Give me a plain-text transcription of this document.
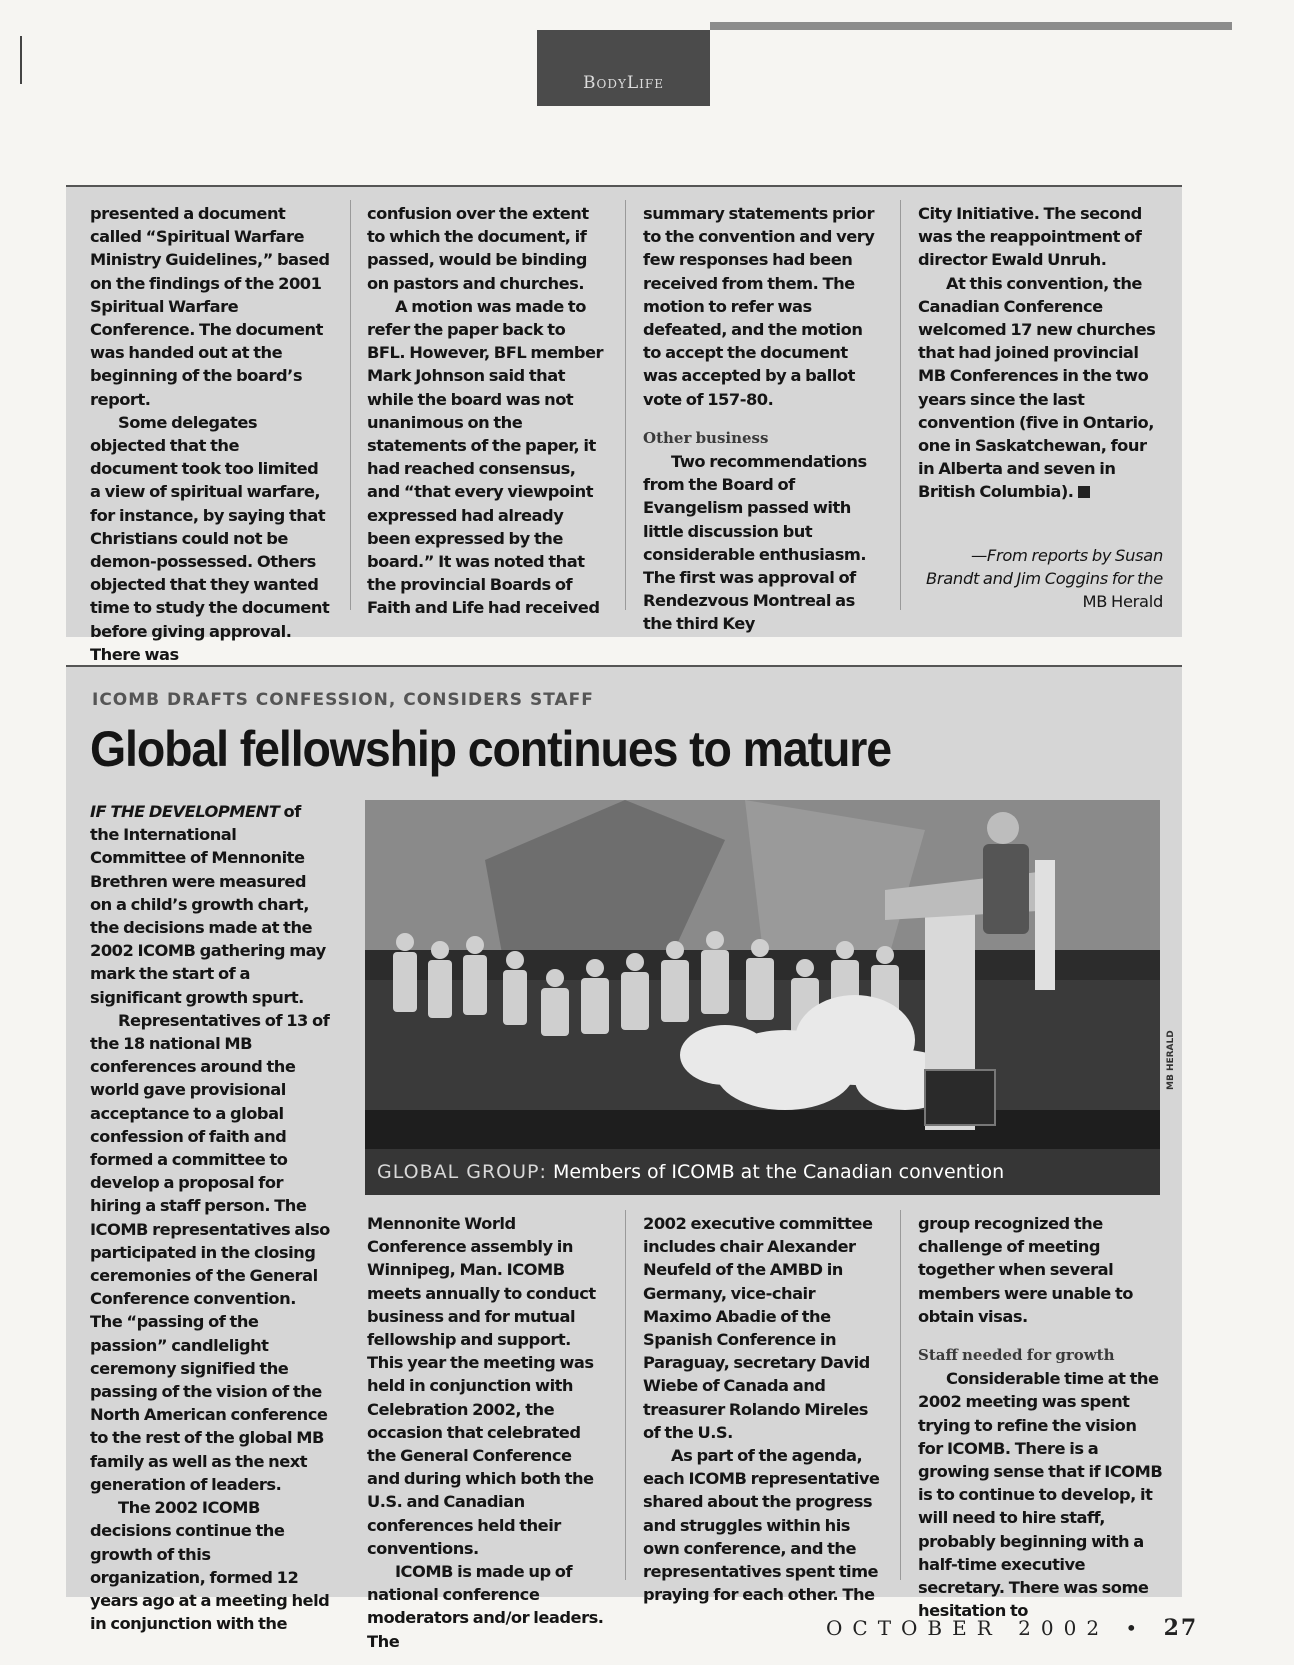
BodyLife

presented a document called “Spiritual Warfare Ministry Guidelines,” based on the findings of the 2001 Spiritual Warfare Conference. The document was handed out at the beginning of the board’s report.

Some delegates objected that the document took too limited a view of spiritual warfare, for instance, by saying that Christians could not be demon-possessed. Others objected that they wanted time to study the document before giving approval. There was

confusion over the extent to which the document, if passed, would be binding on pastors and churches.

A motion was made to refer the paper back to BFL. However, BFL member Mark Johnson said that while the board was not unanimous on the statements of the paper, it had reached consensus, and “that every viewpoint expressed had already been expressed by the board.” It was noted that the provincial Boards of Faith and Life had received

summary statements prior to the convention and very few responses had been received from them. The motion to refer was defeated, and the motion to accept the document was accepted by a ballot vote of 157-80.

Other business

Two recommendations from the Board of Evangelism passed with little discussion but considerable enthusiasm. The first was approval of Rendezvous Montreal as the third Key

City Initiative. The second was the reappointment of director Ewald Unruh.

At this convention, the Canadian Conference welcomed 17 new churches that had joined provincial MB Conferences in the two years since the last convention (five in Ontario, one in Saskatchewan, four in Alberta and seven in British Columbia).

—From reports by Susan Brandt and Jim Coggins for the MB Herald
ICOMB DRAFTS CONFESSION, CONSIDERS STAFF
Global fellowship continues to mature

IF THE DEVELOPMENT of the International Committee of Mennonite Brethren were measured on a child’s growth chart, the decisions made at the 2002 ICOMB gathering may mark the start of a significant growth spurt.

Representatives of 13 of the 18 national MB conferences around the world gave provisional acceptance to a global confession of faith and formed a committee to develop a proposal for hiring a staff person. The ICOMB representatives also participated in the closing ceremonies of the General Conference convention. The “passing of the passion” candlelight ceremony signified the passing of the vision of the North American conference to the rest of the global MB family as well as the next generation of leaders.

The 2002 ICOMB decisions continue the growth of this organization, formed 12 years ago at a meeting held in conjunction with the

GLOBAL GROUP: Members of ICOMB at the Canadian convention
MB HERALD

Mennonite World Conference assembly in Winnipeg, Man. ICOMB meets annually to conduct business and for mutual fellowship and support. This year the meeting was held in conjunction with Celebration 2002, the occasion that celebrated the General Conference and during which both the U.S. and Canadian conferences held their conventions.

ICOMB is made up of national conference moderators and/or leaders. The

2002 executive committee includes chair Alexander Neufeld of the AMBD in Germany, vice-chair Maximo Abadie of the Spanish Conference in Paraguay, secretary David Wiebe of Canada and treasurer Rolando Mireles of the U.S.

As part of the agenda, each ICOMB representative shared about the progress and struggles within his own conference, and the representatives spent time praying for each other. The

group recognized the challenge of meeting together when several members were unable to obtain visas.

Staff needed for growth

Considerable time at the 2002 meeting was spent trying to refine the vision for ICOMB. There is a growing sense that if ICOMB is to continue to develop, it will need to hire staff, probably beginning with a half-time executive secretary. There was some hesitation to

OCTOBER 2002 • 27
